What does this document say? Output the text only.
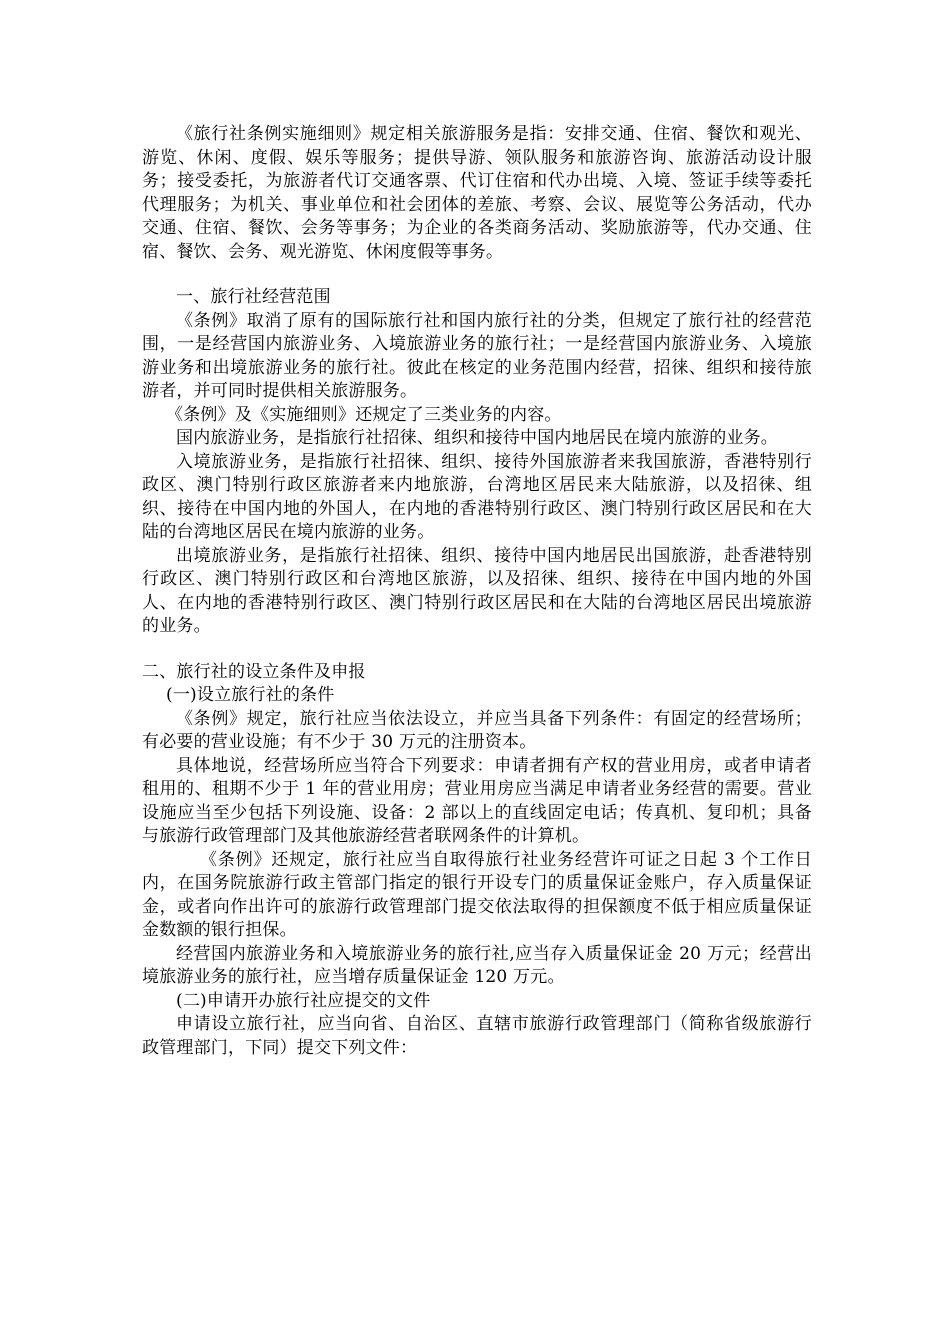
《旅行社条例实施细则》规定相关旅游服务是指：安排交通、住宿、餐饮和观光、游览、休闲、度假、娱乐等服务；提供导游、领队服务和旅游咨询、旅游活动设计服务；接受委托，为旅游者代订交通客票、代订住宿和代办出境、入境、签证手续等委托代理服务；为机关、事业单位和社会团体的差旅、考察、会议、展览等公务活动，代办交通、住宿、餐饮、会务等事务；为企业的各类商务活动、奖励旅游等，代办交通、住宿、餐饮、会务、观光游览、休闲度假等事务。

一、旅行社经营范围

《条例》取消了原有的国际旅行社和国内旅行社的分类，但规定了旅行社的经营范围，一是经营国内旅游业务、入境旅游业务的旅行社；一是经营国内旅游业务、入境旅游业务和出境旅游业务的旅行社。彼此在核定的业务范围内经营，招徕、组织和接待旅游者，并可同时提供相关旅游服务。

《条例》及《实施细则》还规定了三类业务的内容。

国内旅游业务，是指旅行社招徕、组织和接待中国内地居民在境内旅游的业务。

入境旅游业务，是指旅行社招徕、组织、接待外国旅游者来我国旅游，香港特别行政区、澳门特别行政区旅游者来内地旅游，台湾地区居民来大陆旅游，以及招徕、组织、接待在中国内地的外国人，在内地的香港特别行政区、澳门特别行政区居民和在大陆的台湾地区居民在境内旅游的业务。

出境旅游业务，是指旅行社招徕、组织、接待中国内地居民出国旅游，赴香港特别行政区、澳门特别行政区和台湾地区旅游，以及招徕、组织、接待在中国内地的外国人、在内地的香港特别行政区、澳门特别行政区居民和在大陆的台湾地区居民出境旅游的业务。

二、旅行社的设立条件及申报

(一)设立旅行社的条件

《条例》规定，旅行社应当依法设立，并应当具备下列条件：有固定的经营场所；有必要的营业设施；有不少于 30 万元的注册资本。

具体地说，经营场所应当符合下列要求：申请者拥有产权的营业用房，或者申请者租用的、租期不少于 1 年的营业用房；营业用房应当满足申请者业务经营的需要。营业设施应当至少包括下列设施、设备：2 部以上的直线固定电话；传真机、复印机；具备与旅游行政管理部门及其他旅游经营者联网条件的计算机。

《条例》还规定，旅行社应当自取得旅行社业务经营许可证之日起 3 个工作日内，在国务院旅游行政主管部门指定的银行开设专门的质量保证金账户，存入质量保证金，或者向作出许可的旅游行政管理部门提交依法取得的担保额度不低于相应质量保证金数额的银行担保。

经营国内旅游业务和入境旅游业务的旅行社,应当存入质量保证金 20 万元；经营出境旅游业务的旅行社，应当增存质量保证金 120 万元。

(二)申请开办旅行社应提交的文件

申请设立旅行社，应当向省、自治区、直辖市旅游行政管理部门（简称省级旅游行政管理部门，下同）提交下列文件：
